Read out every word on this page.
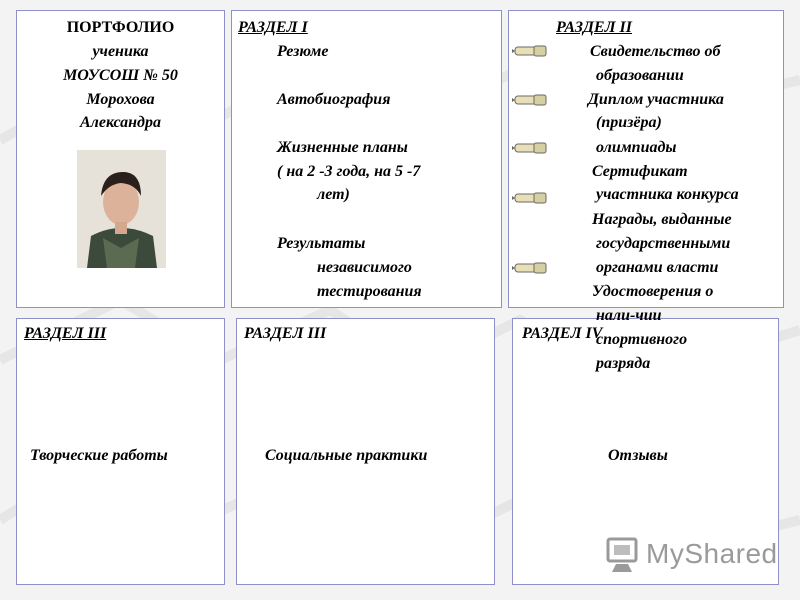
ПОРТФОЛИО
ученика
МОУСОШ № 50
Морохова
Александра
РАЗДЕЛ I
Резюме
Автобиография
Жизненные планы
( на 2 -3 года, на 5 -7
лет)
Результаты
независимого
тестирования
РАЗДЕЛ II
Свидетельство об
образовании
Диплом участника
(призёра)
олимпиады
Сертификат
участника конкурса
Награды, выданные
государственными
органами власти
Удостоверения о
нали-чии
спортивного
разряда
РАЗДЕЛ III
Творческие работы
РАЗДЕЛ III
Социальные практики
РАЗДЕЛ IV
Отзывы
MyShared
